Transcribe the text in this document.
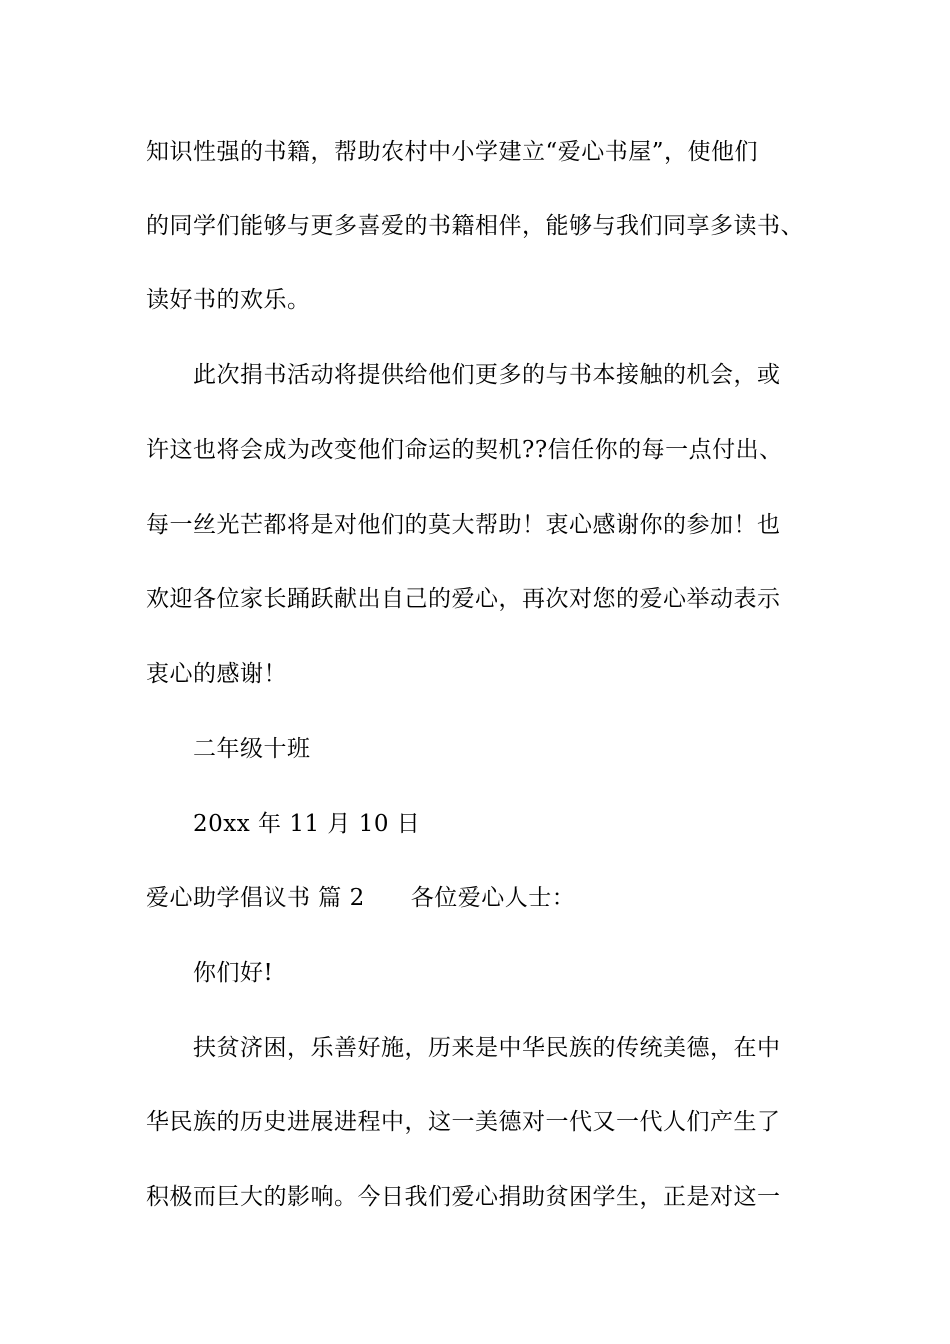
知识性强的书籍，帮助农村中小学建立“爱心书屋”，使他们
的同学们能够与更多喜爱的书籍相伴，能够与我们同享多读书、
读好书的欢乐。
此次捐书活动将提供给他们更多的与书本接触的机会，或
许这也将会成为改变他们命运的契机??信任你的每一点付出、
每一丝光芒都将是对他们的莫大帮助！衷心感谢你的参加！也
欢迎各位家长踊跃献出自己的爱心，再次对您的爱心举动表示
衷心的感谢！
二年级十班
20xx 年 11 月 10 日
爱心助学倡议书 篇 2 各位爱心人士：
你们好!
扶贫济困，乐善好施，历来是中华民族的传统美德，在中
华民族的历史进展进程中，这一美德对一代又一代人们产生了
积极而巨大的影响。今日我们爱心捐助贫困学生，正是对这一
